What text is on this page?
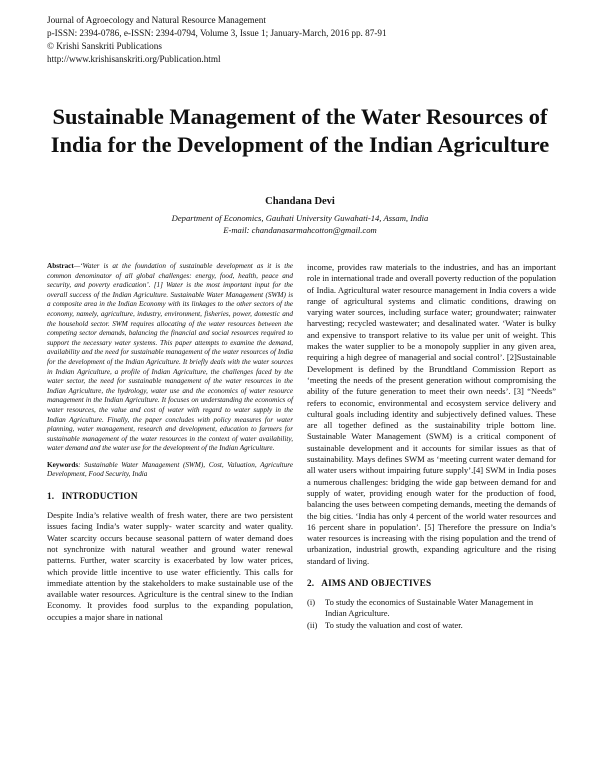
Journal of Agroecology and Natural Resource Management
p-ISSN: 2394-0786, e-ISSN: 2394-0794, Volume 3, Issue 1; January-March, 2016 pp. 87-91
© Krishi Sanskriti Publications
http://www.krishisanskriti.org/Publication.html
Sustainable Management of the Water Resources of India for the Development of the Indian Agriculture
Chandana Devi
Department of Economics, Gauhati University Guwahati-14, Assam, India
E-mail: chandanasarmahcotton@gmail.com
Abstract—‘Water is at the foundation of sustainable development as it is the common denominator of all global challenges: energy, food, health, peace and security, and poverty eradication’. [1] Water is the most important input for the overall success of the Indian Agriculture. Sustainable Water Management (SWM) is a composite area in the Indian Economy with its linkages to the other sectors of the economy, namely, agriculture, industry, environment, fisheries, power, domestic and the household sector. SWM requires allocating of the water resources between the competing sector demands, balancing the financial and social resources required to support the necessary water systems. This paper attempts to examine the demand, availability and the need for sustainable management of the water resources of India for the development of the Indian Agriculture. It briefly deals with the water sources in Indian Agriculture, a profile of Indian Agriculture, the challenges faced by the water sector, the need for sustainable management of the water resources in the Indian Agriculture, the hydrology, water use and the economics of water resource management in the Indian Agriculture. It focuses on understanding the economics of water resources, the value and cost of water with regard to water supply in the Indian Agriculture. Finally, the paper concludes with policy measures for water planning, water management, research and development, education to farmers for sustainable management of the water resources in the context of water availability, water demand and the water use for the development of the Indian Agriculture.
Keywords: Sustainable Water Management (SWM), Cost, Valuation, Agriculture Development, Food Security, India
1.   INTRODUCTION
Despite India’s relative wealth of fresh water, there are two persistent issues facing India’s water supply- water scarcity and water quality. Water scarcity occurs because seasonal pattern of water demand does not synchronize with natural weather and ground water renewal patterns. Further, water scarcity is exacerbated by low water prices, which provide little incentive to use water efficiently. This calls for immediate attention by the stakeholders to make sustainable use of the available water resources. Agriculture is the central sinew to the Indian Economy. It provides food surplus to the expanding population, occupies a major share in national
income, provides raw materials to the industries, and has an important role in international trade and overall poverty reduction of the population of India. Agricultural water resource management in India covers a wide range of agricultural systems and climatic conditions, drawing on varying water sources, including surface water; groundwater; rainwater harvesting; recycled wastewater; and desalinated water. ‘Water is bulky and expensive to transport relative to its value per unit of weight. This makes the water supplier to be a monopoly supplier in any given area, requiring a high degree of managerial and social control’. [2]Sustainable Development is defined by the Brundtland Commission Report as ‘meeting the needs of the present generation without compromising the ability of the future generation to meet their own needs’. [3] “Needs” refers to economic, environmental and ecosystem service delivery and cultural goals including identity and subjectively defined values. These are all together defined as the sustainability triple bottom line. Sustainable Water Management (SWM) is a critical component of sustainable development and it accounts for similar issues as that of sustainability. Mays defines SWM as ‘meeting current water demand for all water users without impairing future supply’.[4] SWM in India poses a numerous challenges: bridging the wide gap between demand for and supply of water, providing enough water for the production of food, balancing the uses between competing demands, meeting the demands of the big cities. ‘India has only 4 percent of the world water resources and 16 percent share in population’. [5] Therefore the pressure on India’s water resources is increasing with the rising population and the trend of urbanization, industrial growth, expanding agriculture and the rising standard of living.
2.   AIMS AND OBJECTIVES
(i)	To study the economics of Sustainable Water Management in Indian Agriculture.
(ii) To study the valuation and cost of water.
